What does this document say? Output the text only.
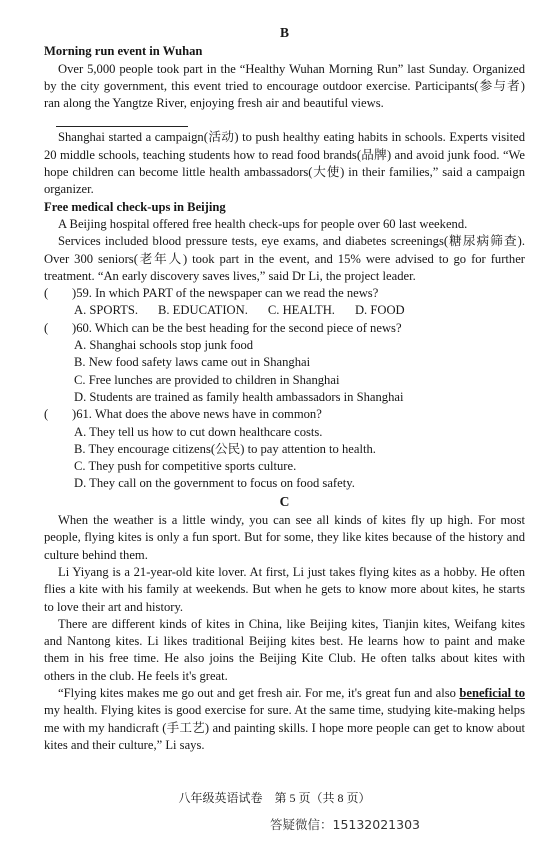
B
Morning run event in Wuhan

Over 5,000 people took part in the “Healthy Wuhan Morning Run” last Sunday. Organized by the city government, this event tried to encourage outdoor exercise. Participants(参与者) ran along the Yangtze River, enjoying fresh air and beautiful views.

Shanghai started a campaign(活动) to push healthy eating habits in schools. Experts visited 20 middle schools, teaching students how to read food brands(品牌) and avoid junk food. “We hope children can become little health ambassadors(大使) in their families,” said a campaign organizer.

Free medical check-ups in Beijing

A Beijing hospital offered free health check-ups for people over 60 last weekend.

Services included blood pressure tests, eye exams, and diabetes screenings(糖尿病筛查). Over 300 seniors(老年人) took part in the event, and 15% were advised to go for further treatment. “An early discovery saves lives,” said Dr Li, the project leader.

(	)59. In which PART of the newspaper can we read the news?
A. SPORTS. B. EDUCATION. C. HEALTH. D. FOOD
(	)60. Which can be the best heading for the second piece of news?
A. Shanghai schools stop junk food
B. New food safety laws came out in Shanghai
C. Free lunches are provided to children in Shanghai
D. Students are trained as family health ambassadors in Shanghai
(	)61. What does the above news have in common?
A. They tell us how to cut down healthcare costs.
B. They encourage citizens(公民) to pay attention to health.
C. They push for competitive sports culture.
D. They call on the government to focus on food safety.
C

When the weather is a little windy, you can see all kinds of kites fly up high. For most people, flying kites is only a fun sport. But for some, they like kites because of the history and culture behind them.

Li Yiyang is a 21-year-old kite lover. At first, Li just takes flying kites as a hobby. He often flies a kite with his family at weekends. But when he gets to know more about kites, he starts to love their art and history.

There are different kinds of kites in China, like Beijing kites, Tianjin kites, Weifang kites and Nantong kites. Li likes traditional Beijing kites best. He learns how to paint and make them in his free time. He also joins the Beijing Kite Club. He often talks about kites with others in the club. He feels it's great.

“Flying kites makes me go out and get fresh air. For me, it's great fun and also beneficial to my health. Flying kites is good exercise for sure. At the same time, studying kite-making helps me with my handicraft (手工艺) and painting skills. I hope more people can get to know about kites and their culture,” Li says.

八年级英语试卷　第 5 页（共 8 页）
答疑微信：15132021303
